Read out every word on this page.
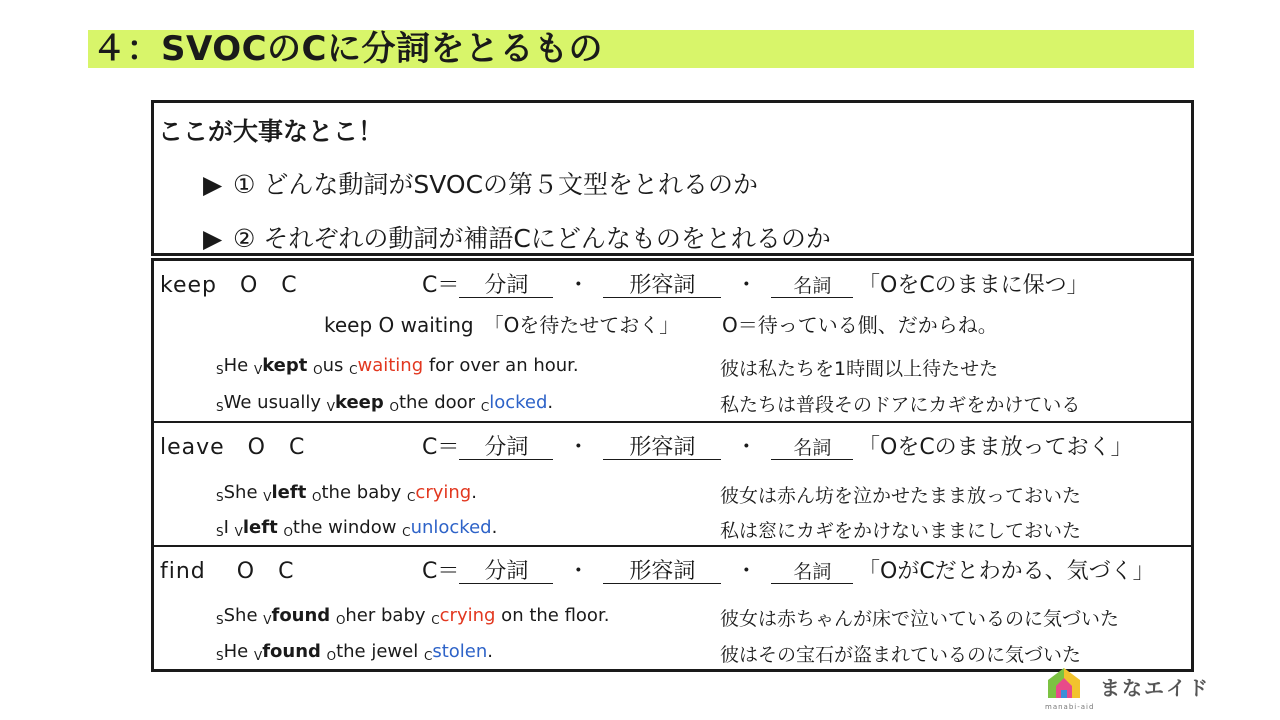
４：SVOCのCに分詞をとるもの
ここが大事なとこ！
▶ ① どんな動詞がSVOCの第５文型をとれるのか
▶ ② それぞれの動詞が補語Cにどんなものをとれるのか
keep　O　C	C＝ 分詞 ・ 形容詞 ・ 名詞	「OをCのままに保つ」
keep O waiting　「Oを待たせておく」 O＝待っている側、だからね。
$_S$He $_V$kept $_O$us $_C$waiting for over an hour.	彼は私たちを1時間以上待たせた
$_S$We usually $_V$keep $_O$the door $_C$locked.	私たちは普段そのドアにカギをかけている
leave　O　C	C＝ 分詞 ・ 形容詞 ・ 名詞	「OをCのまま放っておく」
$_S$She $_V$left $_O$the baby $_C$crying.	彼女は赤ん坊を泣かせたまま放っておいた
$_S$I $_V$left $_O$the window $_C$unlocked.	私は窓にカギをかけないままにしておいた
find　 O　C	C＝ 分詞 ・ 形容詞 ・ 名詞	「OがCだとわかる、気づく」
$_S$She $_V$found $_O$her baby $_C$crying on the floor.	彼女は赤ちゃんが床で泣いているのに気づいた
$_S$He $_V$found $_O$the jewel $_C$stolen.	彼はその宝石が盗まれているのに気づいた
まなエイド
manabi-aid
